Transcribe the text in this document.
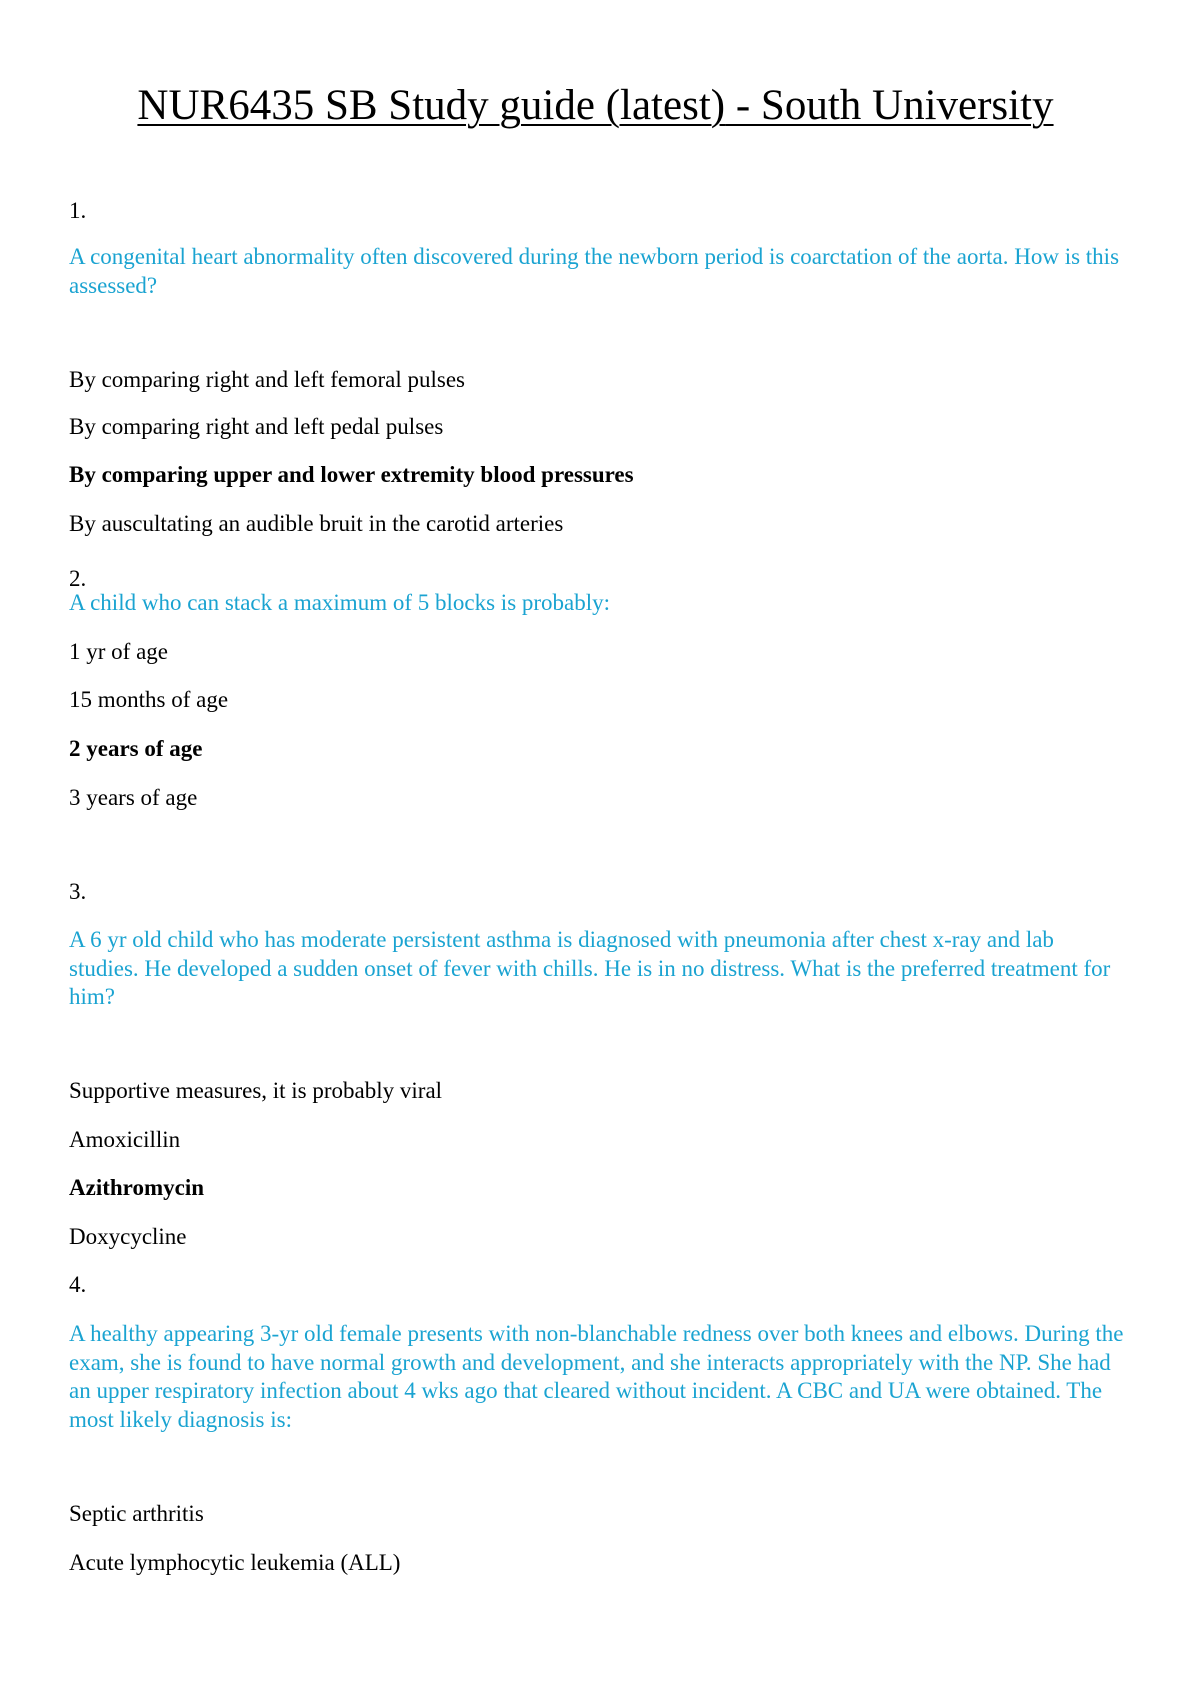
NUR6435 SB Study guide (latest) - South University
1.
A congenital heart abnormality often discovered during the newborn period is coarctation of the aorta. How is this assessed?
By comparing right and left femoral pulses
By comparing right and left pedal pulses
By comparing upper and lower extremity blood pressures
By auscultating an audible bruit in the carotid arteries
2.
A child who can stack a maximum of 5 blocks is probably:
1 yr of age
15 months of age
2 years of age
3 years of age
3.
A 6 yr old child who has moderate persistent asthma is diagnosed with pneumonia after chest x-ray and lab studies. He developed a sudden onset of fever with chills. He is in no distress. What is the preferred treatment for him?
Supportive measures, it is probably viral
Amoxicillin
Azithromycin
Doxycycline
4.
A healthy appearing 3-yr old female presents with non-blanchable redness over both knees and elbows. During the exam, she is found to have normal growth and development, and she interacts appropriately with the NP. She had an upper respiratory infection about 4 wks ago that cleared without incident. A CBC and UA were obtained. The most likely diagnosis is:
Septic arthritis
Acute lymphocytic leukemia (ALL)
